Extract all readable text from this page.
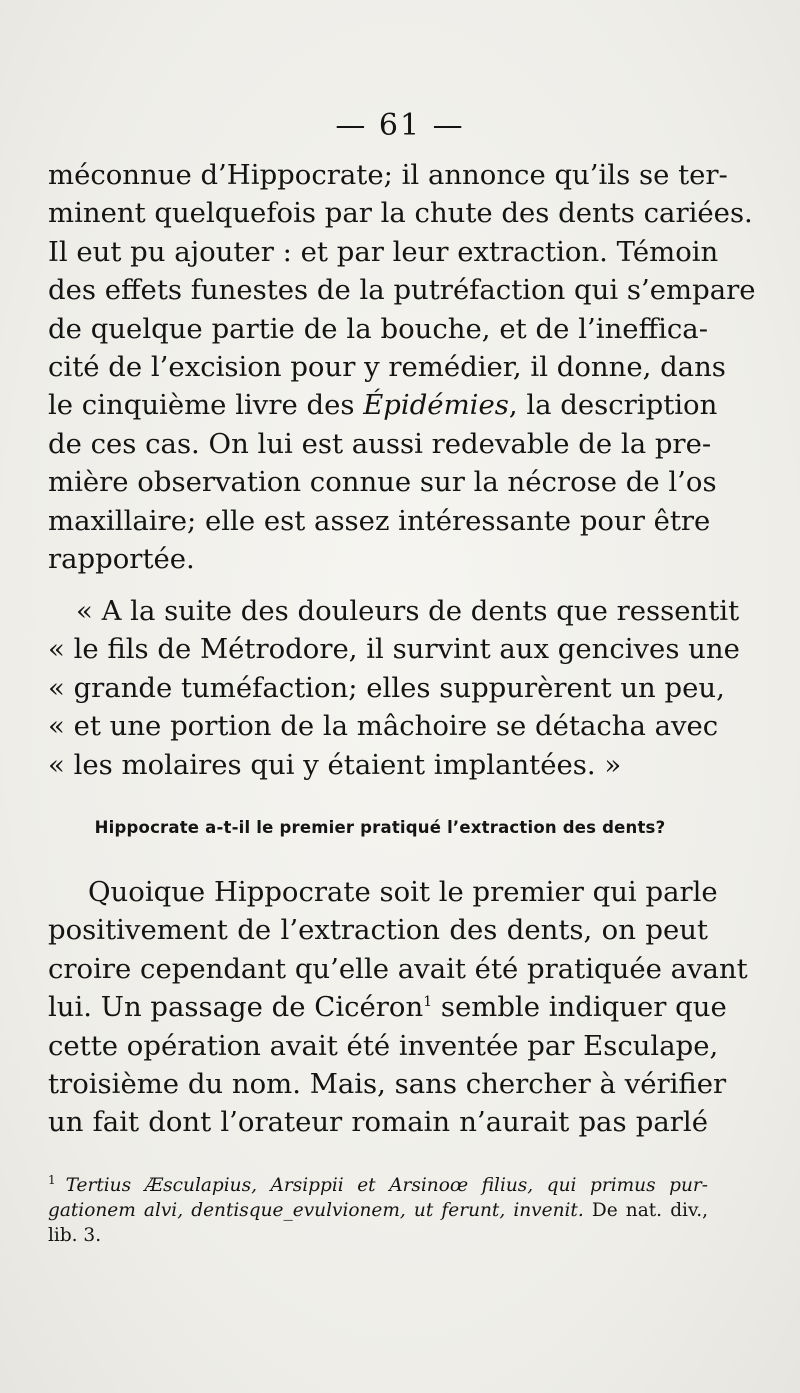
— 61 —
méconnue d’Hippocrate; il annonce qu’ils se ter-
minent quelquefois par la chute des dents cariées.
Il eut pu ajouter : et par leur extraction. Témoin
des effets funestes de la putréfaction qui s’empare
de quelque partie de la bouche, et de l’ineffica-
cité de l’excision pour y remédier, il donne, dans
le cinquième livre des Épidémies, la description
de ces cas. On lui est aussi redevable de la pre-
mière observation connue sur la nécrose de l’os
maxillaire; elle est assez intéressante pour être
rapportée.
« A la suite des douleurs de dents que ressentit
« le fils de Métrodore, il survint aux gencives une
« grande tuméfaction; elles suppurèrent un peu,
« et une portion de la mâchoire se détacha avec
« les molaires qui y étaient implantées. »
Hippocrate a-t-il le premier pratiqué l’extraction des dents?
Quoique Hippocrate soit le premier qui parle
positivement de l’extraction des dents, on peut
croire cependant qu’elle avait été pratiquée avant
lui. Un passage de Cicéron$^1$ semble indiquer que
cette opération avait été inventée par Esculape,
troisième du nom. Mais, sans chercher à vérifier
un fait dont l’orateur romain n’aurait pas parlé
$^1$ Tertius Æsculapius, Arsippii et Arsinoœ filius, qui primus pur-gationem alvi, dentisque_evulvionem, ut ferunt, invenit. De nat. div., lib. 3.
